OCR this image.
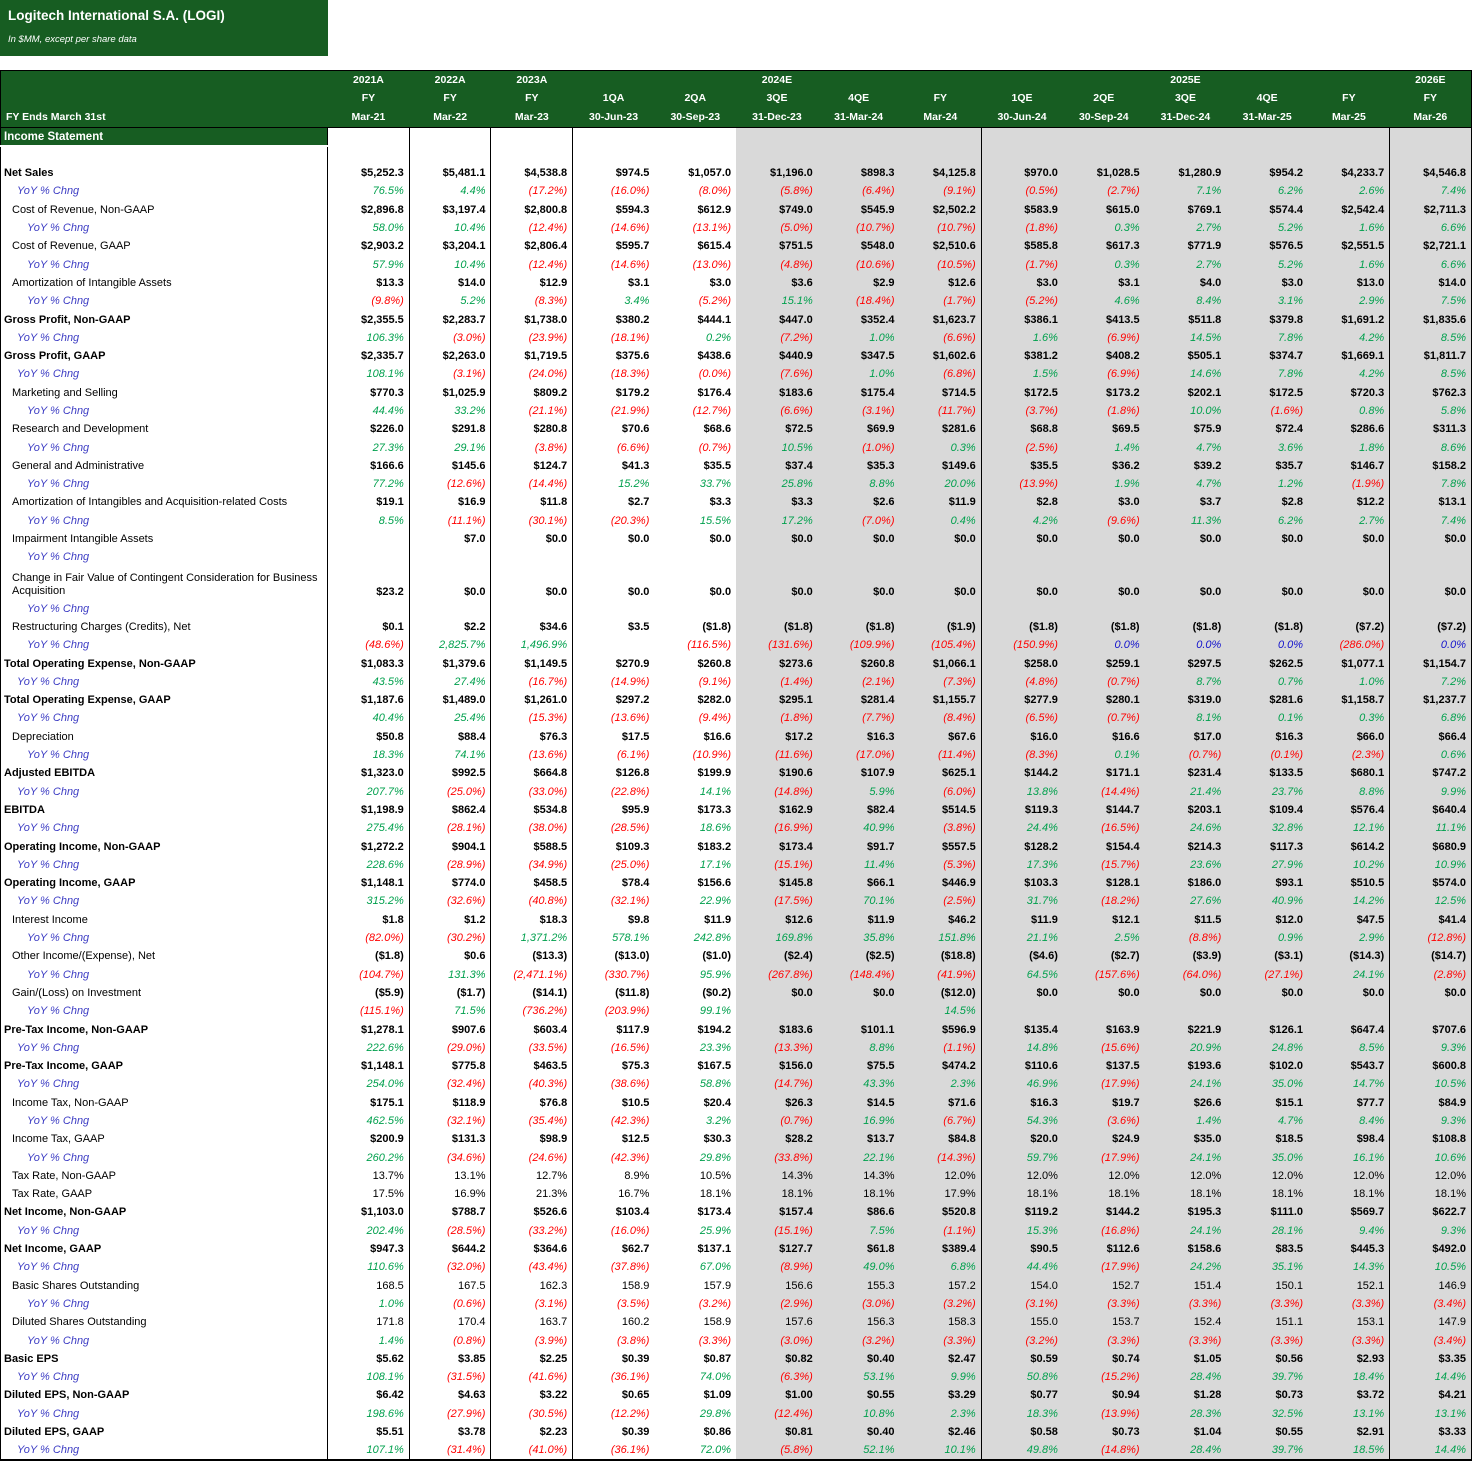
Logitech International S.A. (LOGI)
In $MM, except per share data
	2021A	2022A	2023A			2024E					2025E			2026E
	FY	FY	FY	1QA	2QA	3QE	4QE	FY	1QE	2QE	3QE	4QE	FY	FY
FY Ends March 31st	Mar-21	Mar-22	Mar-23	30-Jun-23	30-Sep-23	31-Dec-23	31-Mar-24	Mar-24	30-Jun-24	30-Sep-24	31-Dec-24	31-Mar-25	Mar-25	Mar-26
Income Statement														

Net Sales	$5,252.3	$5,481.1	$4,538.8	$974.5	$1,057.0	$1,196.0	$898.3	$4,125.8	$970.0	$1,028.5	$1,280.9	$954.2	$4,233.7	$4,546.8
YoY % Chng	76.5%	4.4%	(17.2%)	(16.0%)	(8.0%)	(5.8%)	(6.4%)	(9.1%)	(0.5%)	(2.7%)	7.1%	6.2%	2.6%	7.4%
Cost of Revenue, Non-GAAP	$2,896.8	$3,197.4	$2,800.8	$594.3	$612.9	$749.0	$545.9	$2,502.2	$583.9	$615.0	$769.1	$574.4	$2,542.4	$2,711.3
YoY % Chng	58.0%	10.4%	(12.4%)	(14.6%)	(13.1%)	(5.0%)	(10.7%)	(10.7%)	(1.8%)	0.3%	2.7%	5.2%	1.6%	6.6%
Cost of Revenue, GAAP	$2,903.2	$3,204.1	$2,806.4	$595.7	$615.4	$751.5	$548.0	$2,510.6	$585.8	$617.3	$771.9	$576.5	$2,551.5	$2,721.1
YoY % Chng	57.9%	10.4%	(12.4%)	(14.6%)	(13.0%)	(4.8%)	(10.6%)	(10.5%)	(1.7%)	0.3%	2.7%	5.2%	1.6%	6.6%
Amortization of Intangible Assets	$13.3	$14.0	$12.9	$3.1	$3.0	$3.6	$2.9	$12.6	$3.0	$3.1	$4.0	$3.0	$13.0	$14.0
YoY % Chng	(9.8%)	5.2%	(8.3%)	3.4%	(5.2%)	15.1%	(18.4%)	(1.7%)	(5.2%)	4.6%	8.4%	3.1%	2.9%	7.5%
Gross Profit, Non-GAAP	$2,355.5	$2,283.7	$1,738.0	$380.2	$444.1	$447.0	$352.4	$1,623.7	$386.1	$413.5	$511.8	$379.8	$1,691.2	$1,835.6
YoY % Chng	106.3%	(3.0%)	(23.9%)	(18.1%)	0.2%	(7.2%)	1.0%	(6.6%)	1.6%	(6.9%)	14.5%	7.8%	4.2%	8.5%
Gross Profit, GAAP	$2,335.7	$2,263.0	$1,719.5	$375.6	$438.6	$440.9	$347.5	$1,602.6	$381.2	$408.2	$505.1	$374.7	$1,669.1	$1,811.7
YoY % Chng	108.1%	(3.1%)	(24.0%)	(18.3%)	(0.0%)	(7.6%)	1.0%	(6.8%)	1.5%	(6.9%)	14.6%	7.8%	4.2%	8.5%
Marketing and Selling	$770.3	$1,025.9	$809.2	$179.2	$176.4	$183.6	$175.4	$714.5	$172.5	$173.2	$202.1	$172.5	$720.3	$762.3
YoY % Chng	44.4%	33.2%	(21.1%)	(21.9%)	(12.7%)	(6.6%)	(3.1%)	(11.7%)	(3.7%)	(1.8%)	10.0%	(1.6%)	0.8%	5.8%
Research and Development	$226.0	$291.8	$280.8	$70.6	$68.6	$72.5	$69.9	$281.6	$68.8	$69.5	$75.9	$72.4	$286.6	$311.3
YoY % Chng	27.3%	29.1%	(3.8%)	(6.6%)	(0.7%)	10.5%	(1.0%)	0.3%	(2.5%)	1.4%	4.7%	3.6%	1.8%	8.6%
General and Administrative	$166.6	$145.6	$124.7	$41.3	$35.5	$37.4	$35.3	$149.6	$35.5	$36.2	$39.2	$35.7	$146.7	$158.2
YoY % Chng	77.2%	(12.6%)	(14.4%)	15.2%	33.7%	25.8%	8.8%	20.0%	(13.9%)	1.9%	4.7%	1.2%	(1.9%)	7.8%
Amortization of Intangibles and Acquisition-related Costs	$19.1	$16.9	$11.8	$2.7	$3.3	$3.3	$2.6	$11.9	$2.8	$3.0	$3.7	$2.8	$12.2	$13.1
YoY % Chng	8.5%	(11.1%)	(30.1%)	(20.3%)	15.5%	17.2%	(7.0%)	0.4%	4.2%	(9.6%)	11.3%	6.2%	2.7%	7.4%
Impairment Intangible Assets		$7.0	$0.0	$0.0	$0.0	$0.0	$0.0	$0.0	$0.0	$0.0	$0.0	$0.0	$0.0	$0.0
YoY % Chng														
Change in Fair Value of Contingent Consideration for Business Acquisition	$23.2	$0.0	$0.0	$0.0	$0.0	$0.0	$0.0	$0.0	$0.0	$0.0	$0.0	$0.0	$0.0	$0.0
YoY % Chng														
Restructuring Charges (Credits), Net	$0.1	$2.2	$34.6	$3.5	($1.8)	($1.8)	($1.8)	($1.9)	($1.8)	($1.8)	($1.8)	($1.8)	($7.2)	($7.2)
YoY % Chng	(48.6%)	2,825.7%	1,496.9%		(116.5%)	(131.6%)	(109.9%)	(105.4%)	(150.9%)	0.0%	0.0%	0.0%	(286.0%)	0.0%
Total Operating Expense, Non-GAAP	$1,083.3	$1,379.6	$1,149.5	$270.9	$260.8	$273.6	$260.8	$1,066.1	$258.0	$259.1	$297.5	$262.5	$1,077.1	$1,154.7
YoY % Chng	43.5%	27.4%	(16.7%)	(14.9%)	(9.1%)	(1.4%)	(2.1%)	(7.3%)	(4.8%)	(0.7%)	8.7%	0.7%	1.0%	7.2%
Total Operating Expense, GAAP	$1,187.6	$1,489.0	$1,261.0	$297.2	$282.0	$295.1	$281.4	$1,155.7	$277.9	$280.1	$319.0	$281.6	$1,158.7	$1,237.7
YoY % Chng	40.4%	25.4%	(15.3%)	(13.6%)	(9.4%)	(1.8%)	(7.7%)	(8.4%)	(6.5%)	(0.7%)	8.1%	0.1%	0.3%	6.8%
Depreciation	$50.8	$88.4	$76.3	$17.5	$16.6	$17.2	$16.3	$67.6	$16.0	$16.6	$17.0	$16.3	$66.0	$66.4
YoY % Chng	18.3%	74.1%	(13.6%)	(6.1%)	(10.9%)	(11.6%)	(17.0%)	(11.4%)	(8.3%)	0.1%	(0.7%)	(0.1%)	(2.3%)	0.6%
Adjusted EBITDA	$1,323.0	$992.5	$664.8	$126.8	$199.9	$190.6	$107.9	$625.1	$144.2	$171.1	$231.4	$133.5	$680.1	$747.2
YoY % Chng	207.7%	(25.0%)	(33.0%)	(22.8%)	14.1%	(14.8%)	5.9%	(6.0%)	13.8%	(14.4%)	21.4%	23.7%	8.8%	9.9%
EBITDA	$1,198.9	$862.4	$534.8	$95.9	$173.3	$162.9	$82.4	$514.5	$119.3	$144.7	$203.1	$109.4	$576.4	$640.4
YoY % Chng	275.4%	(28.1%)	(38.0%)	(28.5%)	18.6%	(16.9%)	40.9%	(3.8%)	24.4%	(16.5%)	24.6%	32.8%	12.1%	11.1%
Operating Income, Non-GAAP	$1,272.2	$904.1	$588.5	$109.3	$183.2	$173.4	$91.7	$557.5	$128.2	$154.4	$214.3	$117.3	$614.2	$680.9
YoY % Chng	228.6%	(28.9%)	(34.9%)	(25.0%)	17.1%	(15.1%)	11.4%	(5.3%)	17.3%	(15.7%)	23.6%	27.9%	10.2%	10.9%
Operating Income, GAAP	$1,148.1	$774.0	$458.5	$78.4	$156.6	$145.8	$66.1	$446.9	$103.3	$128.1	$186.0	$93.1	$510.5	$574.0
YoY % Chng	315.2%	(32.6%)	(40.8%)	(32.1%)	22.9%	(17.5%)	70.1%	(2.5%)	31.7%	(18.2%)	27.6%	40.9%	14.2%	12.5%
Interest Income	$1.8	$1.2	$18.3	$9.8	$11.9	$12.6	$11.9	$46.2	$11.9	$12.1	$11.5	$12.0	$47.5	$41.4
YoY % Chng	(82.0%)	(30.2%)	1,371.2%	578.1%	242.8%	169.8%	35.8%	151.8%	21.1%	2.5%	(8.8%)	0.9%	2.9%	(12.8%)
Other Income/(Expense), Net	($1.8)	$0.6	($13.3)	($13.0)	($1.0)	($2.4)	($2.5)	($18.8)	($4.6)	($2.7)	($3.9)	($3.1)	($14.3)	($14.7)
YoY % Chng	(104.7%)	131.3%	(2,471.1%)	(330.7%)	95.9%	(267.8%)	(148.4%)	(41.9%)	64.5%	(157.6%)	(64.0%)	(27.1%)	24.1%	(2.8%)
Gain/(Loss) on Investment	($5.9)	($1.7)	($14.1)	($11.8)	($0.2)	$0.0	$0.0	($12.0)	$0.0	$0.0	$0.0	$0.0	$0.0	$0.0
YoY % Chng	(115.1%)	71.5%	(736.2%)	(203.9%)	99.1%			14.5%						
Pre-Tax Income, Non-GAAP	$1,278.1	$907.6	$603.4	$117.9	$194.2	$183.6	$101.1	$596.9	$135.4	$163.9	$221.9	$126.1	$647.4	$707.6
YoY % Chng	222.6%	(29.0%)	(33.5%)	(16.5%)	23.3%	(13.3%)	8.8%	(1.1%)	14.8%	(15.6%)	20.9%	24.8%	8.5%	9.3%
Pre-Tax Income, GAAP	$1,148.1	$775.8	$463.5	$75.3	$167.5	$156.0	$75.5	$474.2	$110.6	$137.5	$193.6	$102.0	$543.7	$600.8
YoY % Chng	254.0%	(32.4%)	(40.3%)	(38.6%)	58.8%	(14.7%)	43.3%	2.3%	46.9%	(17.9%)	24.1%	35.0%	14.7%	10.5%
Income Tax, Non-GAAP	$175.1	$118.9	$76.8	$10.5	$20.4	$26.3	$14.5	$71.6	$16.3	$19.7	$26.6	$15.1	$77.7	$84.9
YoY % Chng	462.5%	(32.1%)	(35.4%)	(42.3%)	3.2%	(0.7%)	16.9%	(6.7%)	54.3%	(3.6%)	1.4%	4.7%	8.4%	9.3%
Income Tax, GAAP	$200.9	$131.3	$98.9	$12.5	$30.3	$28.2	$13.7	$84.8	$20.0	$24.9	$35.0	$18.5	$98.4	$108.8
YoY % Chng	260.2%	(34.6%)	(24.6%)	(42.3%)	29.8%	(33.8%)	22.1%	(14.3%)	59.7%	(17.9%)	24.1%	35.0%	16.1%	10.6%
Tax Rate, Non-GAAP	13.7%	13.1%	12.7%	8.9%	10.5%	14.3%	14.3%	12.0%	12.0%	12.0%	12.0%	12.0%	12.0%	12.0%
Tax Rate, GAAP	17.5%	16.9%	21.3%	16.7%	18.1%	18.1%	18.1%	17.9%	18.1%	18.1%	18.1%	18.1%	18.1%	18.1%
Net Income, Non-GAAP	$1,103.0	$788.7	$526.6	$103.4	$173.4	$157.4	$86.6	$520.8	$119.2	$144.2	$195.3	$111.0	$569.7	$622.7
YoY % Chng	202.4%	(28.5%)	(33.2%)	(16.0%)	25.9%	(15.1%)	7.5%	(1.1%)	15.3%	(16.8%)	24.1%	28.1%	9.4%	9.3%
Net Income, GAAP	$947.3	$644.2	$364.6	$62.7	$137.1	$127.7	$61.8	$389.4	$90.5	$112.6	$158.6	$83.5	$445.3	$492.0
YoY % Chng	110.6%	(32.0%)	(43.4%)	(37.8%)	67.0%	(8.9%)	49.0%	6.8%	44.4%	(17.9%)	24.2%	35.1%	14.3%	10.5%
Basic Shares Outstanding	168.5	167.5	162.3	158.9	157.9	156.6	155.3	157.2	154.0	152.7	151.4	150.1	152.1	146.9
YoY % Chng	1.0%	(0.6%)	(3.1%)	(3.5%)	(3.2%)	(2.9%)	(3.0%)	(3.2%)	(3.1%)	(3.3%)	(3.3%)	(3.3%)	(3.3%)	(3.4%)
Diluted Shares Outstanding	171.8	170.4	163.7	160.2	158.9	157.6	156.3	158.3	155.0	153.7	152.4	151.1	153.1	147.9
YoY % Chng	1.4%	(0.8%)	(3.9%)	(3.8%)	(3.3%)	(3.0%)	(3.2%)	(3.3%)	(3.2%)	(3.3%)	(3.3%)	(3.3%)	(3.3%)	(3.4%)
Basic EPS	$5.62	$3.85	$2.25	$0.39	$0.87	$0.82	$0.40	$2.47	$0.59	$0.74	$1.05	$0.56	$2.93	$3.35
YoY % Chng	108.1%	(31.5%)	(41.6%)	(36.1%)	74.0%	(6.3%)	53.1%	9.9%	50.8%	(15.2%)	28.4%	39.7%	18.4%	14.4%
Diluted EPS, Non-GAAP	$6.42	$4.63	$3.22	$0.65	$1.09	$1.00	$0.55	$3.29	$0.77	$0.94	$1.28	$0.73	$3.72	$4.21
YoY % Chng	198.6%	(27.9%)	(30.5%)	(12.2%)	29.8%	(12.4%)	10.8%	2.3%	18.3%	(13.9%)	28.3%	32.5%	13.1%	13.1%
Diluted EPS, GAAP	$5.51	$3.78	$2.23	$0.39	$0.86	$0.81	$0.40	$2.46	$0.58	$0.73	$1.04	$0.55	$2.91	$3.33
YoY % Chng	107.1%	(31.4%)	(41.0%)	(36.1%)	72.0%	(5.8%)	52.1%	10.1%	49.8%	(14.8%)	28.4%	39.7%	18.5%	14.4%
